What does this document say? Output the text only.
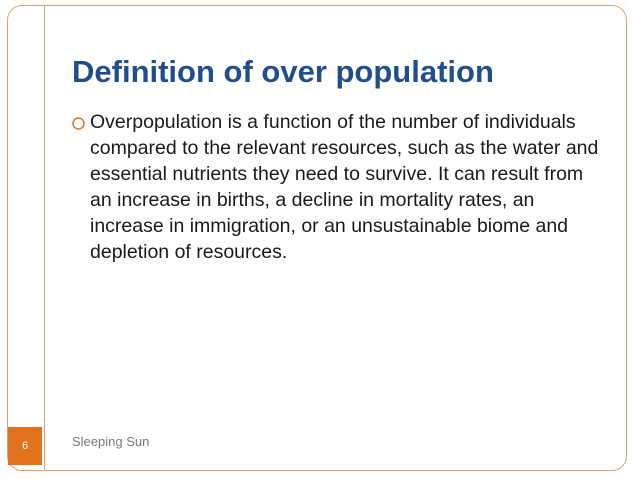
Definition of over population

Overpopulation is a function of the number of individuals compared to the relevant resources, such as the water and essential nutrients they need to survive. It can result from an increase in births, a decline in mortality rates, an increase in immigration, or an unsustainable biome and depletion of resources.

6	Sleeping Sun
